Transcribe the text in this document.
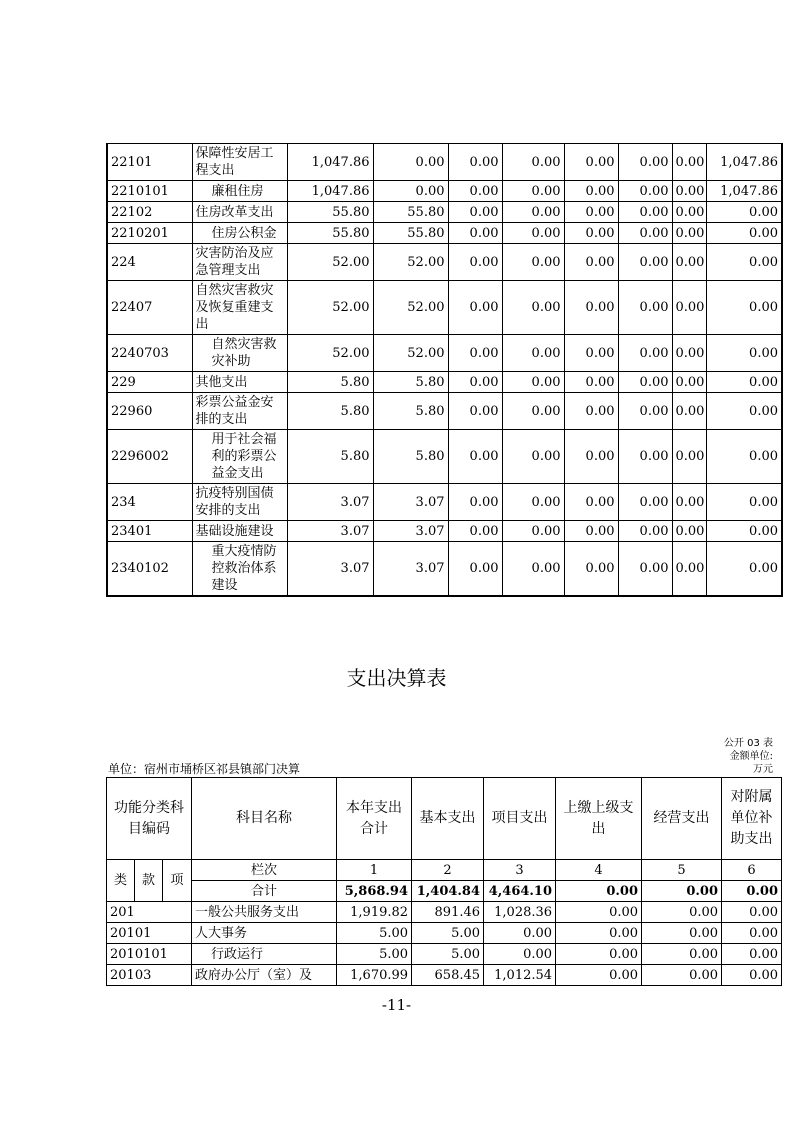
22101	保障性安居工程支出	1,047.86	0.00	0.00	0.00	0.00	0.00	0.00	1,047.86
2210101	廉租住房	1,047.86	0.00	0.00	0.00	0.00	0.00	0.00	1,047.86
22102	住房改革支出	55.80	55.80	0.00	0.00	0.00	0.00	0.00	0.00
2210201	住房公积金	55.80	55.80	0.00	0.00	0.00	0.00	0.00	0.00
224	灾害防治及应急管理支出	52.00	52.00	0.00	0.00	0.00	0.00	0.00	0.00
22407	自然灾害救灾及恢复重建支出	52.00	52.00	0.00	0.00	0.00	0.00	0.00	0.00
2240703	自然灾害救灾补助	52.00	52.00	0.00	0.00	0.00	0.00	0.00	0.00
229	其他支出	5.80	5.80	0.00	0.00	0.00	0.00	0.00	0.00
22960	彩票公益金安排的支出	5.80	5.80	0.00	0.00	0.00	0.00	0.00	0.00
2296002	用于社会福利的彩票公益金支出	5.80	5.80	0.00	0.00	0.00	0.00	0.00	0.00
234	抗疫特别国债安排的支出	3.07	3.07	0.00	0.00	0.00	0.00	0.00	0.00
23401	基础设施建设	3.07	3.07	0.00	0.00	0.00	0.00	0.00	0.00
2340102	重大疫情防控救治体系建设	3.07	3.07	0.00	0.00	0.00	0.00	0.00	0.00
支出决算表
公开 03 表
金额单位:
万元
单位：宿州市埇桥区祁县镇部门决算
功能分类科目编码			科目名称	本年支出合计	基本支出	项目支出	上缴上级支出	经营支出	对附属单位补助支出
类	款	项	栏次	1	2	3	4	5	6
			合计	5,868.94	1,404.84	4,464.10	0.00	0.00	0.00
201			一般公共服务支出	1,919.82	891.46	1,028.36	0.00	0.00	0.00
20101			人大事务	5.00	5.00	0.00	0.00	0.00	0.00
2010101			行政运行	5.00	5.00	0.00	0.00	0.00	0.00
20103			政府办公厅（室）及	1,670.99	658.45	1,012.54	0.00	0.00	0.00
-11-
